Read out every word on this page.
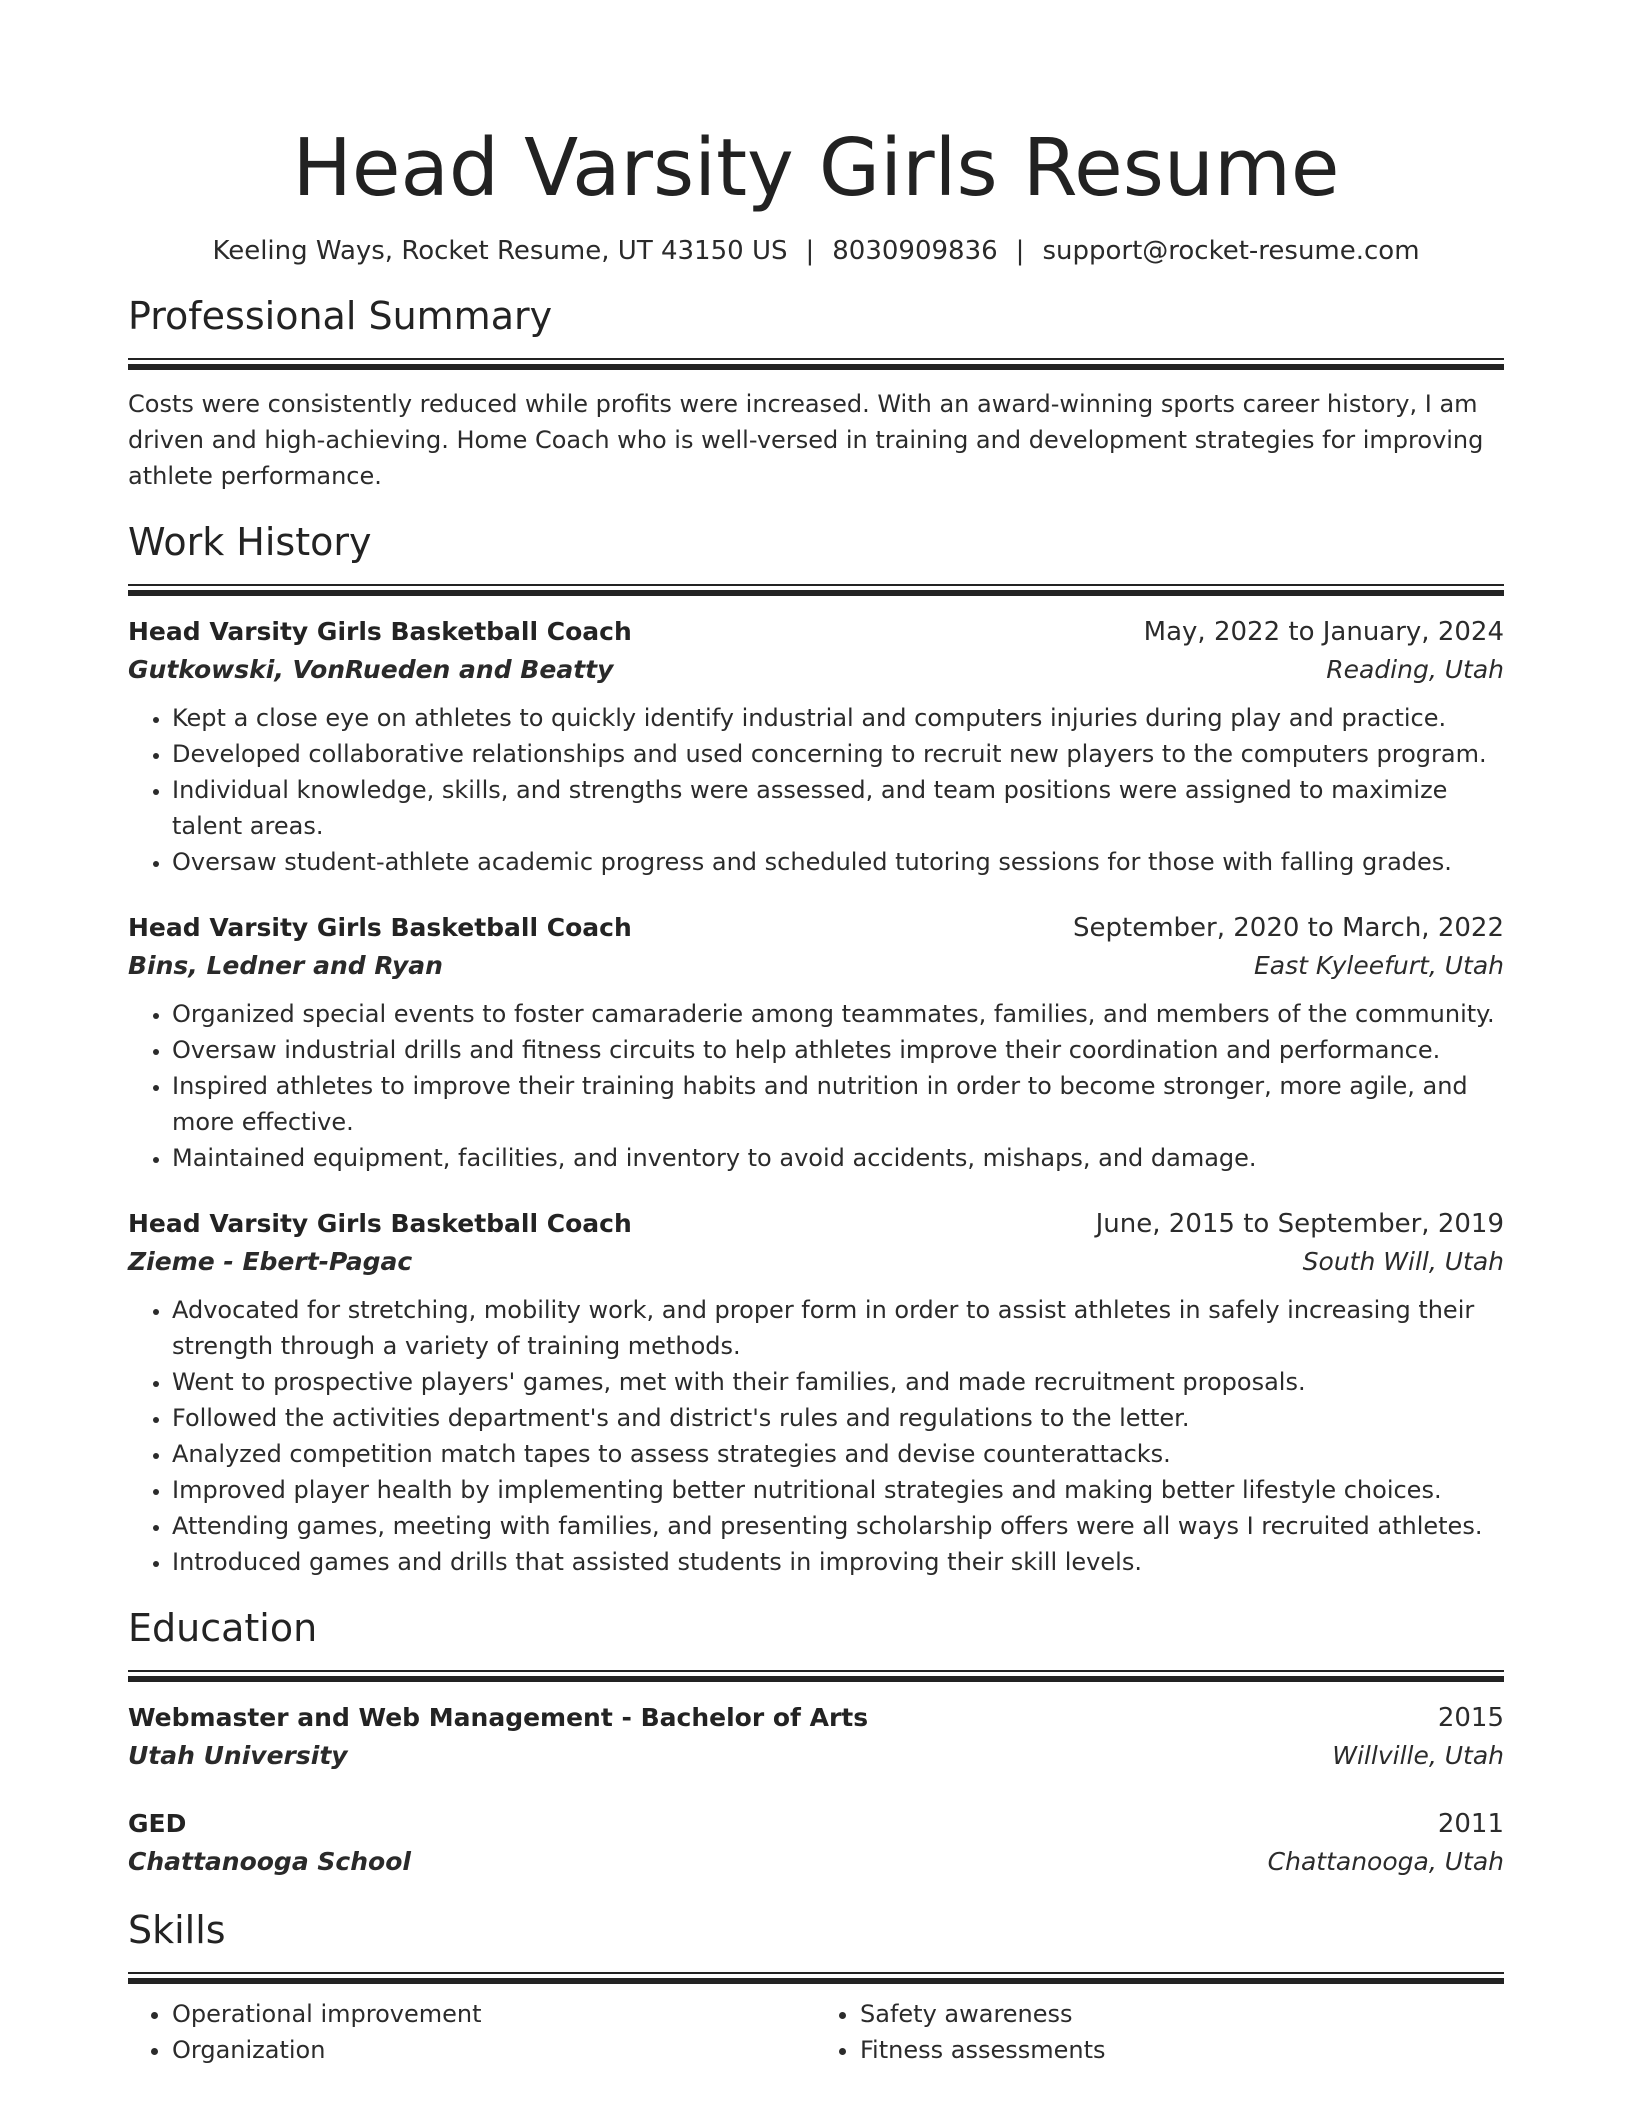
Head Varsity Girls Resume
Keeling Ways, Rocket Resume, UT 43150 US | 8030909836 | support@rocket-resume.com
Professional Summary

Costs were consistently reduced while profits were increased. With an award-winning sports career history, I am driven and high-achieving. Home Coach who is well-versed in training and development strategies for improving athlete performance.

Work History
Head Varsity Girls Basketball Coach	May, 2022 to January, 2024
Gutkowski, VonRueden and Beatty	Reading, Utah
• Kept a close eye on athletes to quickly identify industrial and computers injuries during play and practice.
• Developed collaborative relationships and used concerning to recruit new players to the computers program.
• Individual knowledge, skills, and strengths were assessed, and team positions were assigned to maximize talent areas.
• Oversaw student-athlete academic progress and scheduled tutoring sessions for those with falling grades.
Head Varsity Girls Basketball Coach	September, 2020 to March, 2022
Bins, Ledner and Ryan	East Kyleefurt, Utah
• Organized special events to foster camaraderie among teammates, families, and members of the community.
• Oversaw industrial drills and fitness circuits to help athletes improve their coordination and performance.
• Inspired athletes to improve their training habits and nutrition in order to become stronger, more agile, and more effective.
• Maintained equipment, facilities, and inventory to avoid accidents, mishaps, and damage.
Head Varsity Girls Basketball Coach	June, 2015 to September, 2019
Zieme - Ebert-Pagac	South Will, Utah
• Advocated for stretching, mobility work, and proper form in order to assist athletes in safely increasing their strength through a variety of training methods.
• Went to prospective players' games, met with their families, and made recruitment proposals.
• Followed the activities department's and district's rules and regulations to the letter.
• Analyzed competition match tapes to assess strategies and devise counterattacks.
• Improved player health by implementing better nutritional strategies and making better lifestyle choices.
• Attending games, meeting with families, and presenting scholarship offers were all ways I recruited athletes.
• Introduced games and drills that assisted students in improving their skill levels.
Education
Webmaster and Web Management - Bachelor of Arts	2015
Utah University	Willville, Utah
GED	2011
Chattanooga School	Chattanooga, Utah
Skills
• Operational improvement
• Organization
• Safety awareness
• Fitness assessments
